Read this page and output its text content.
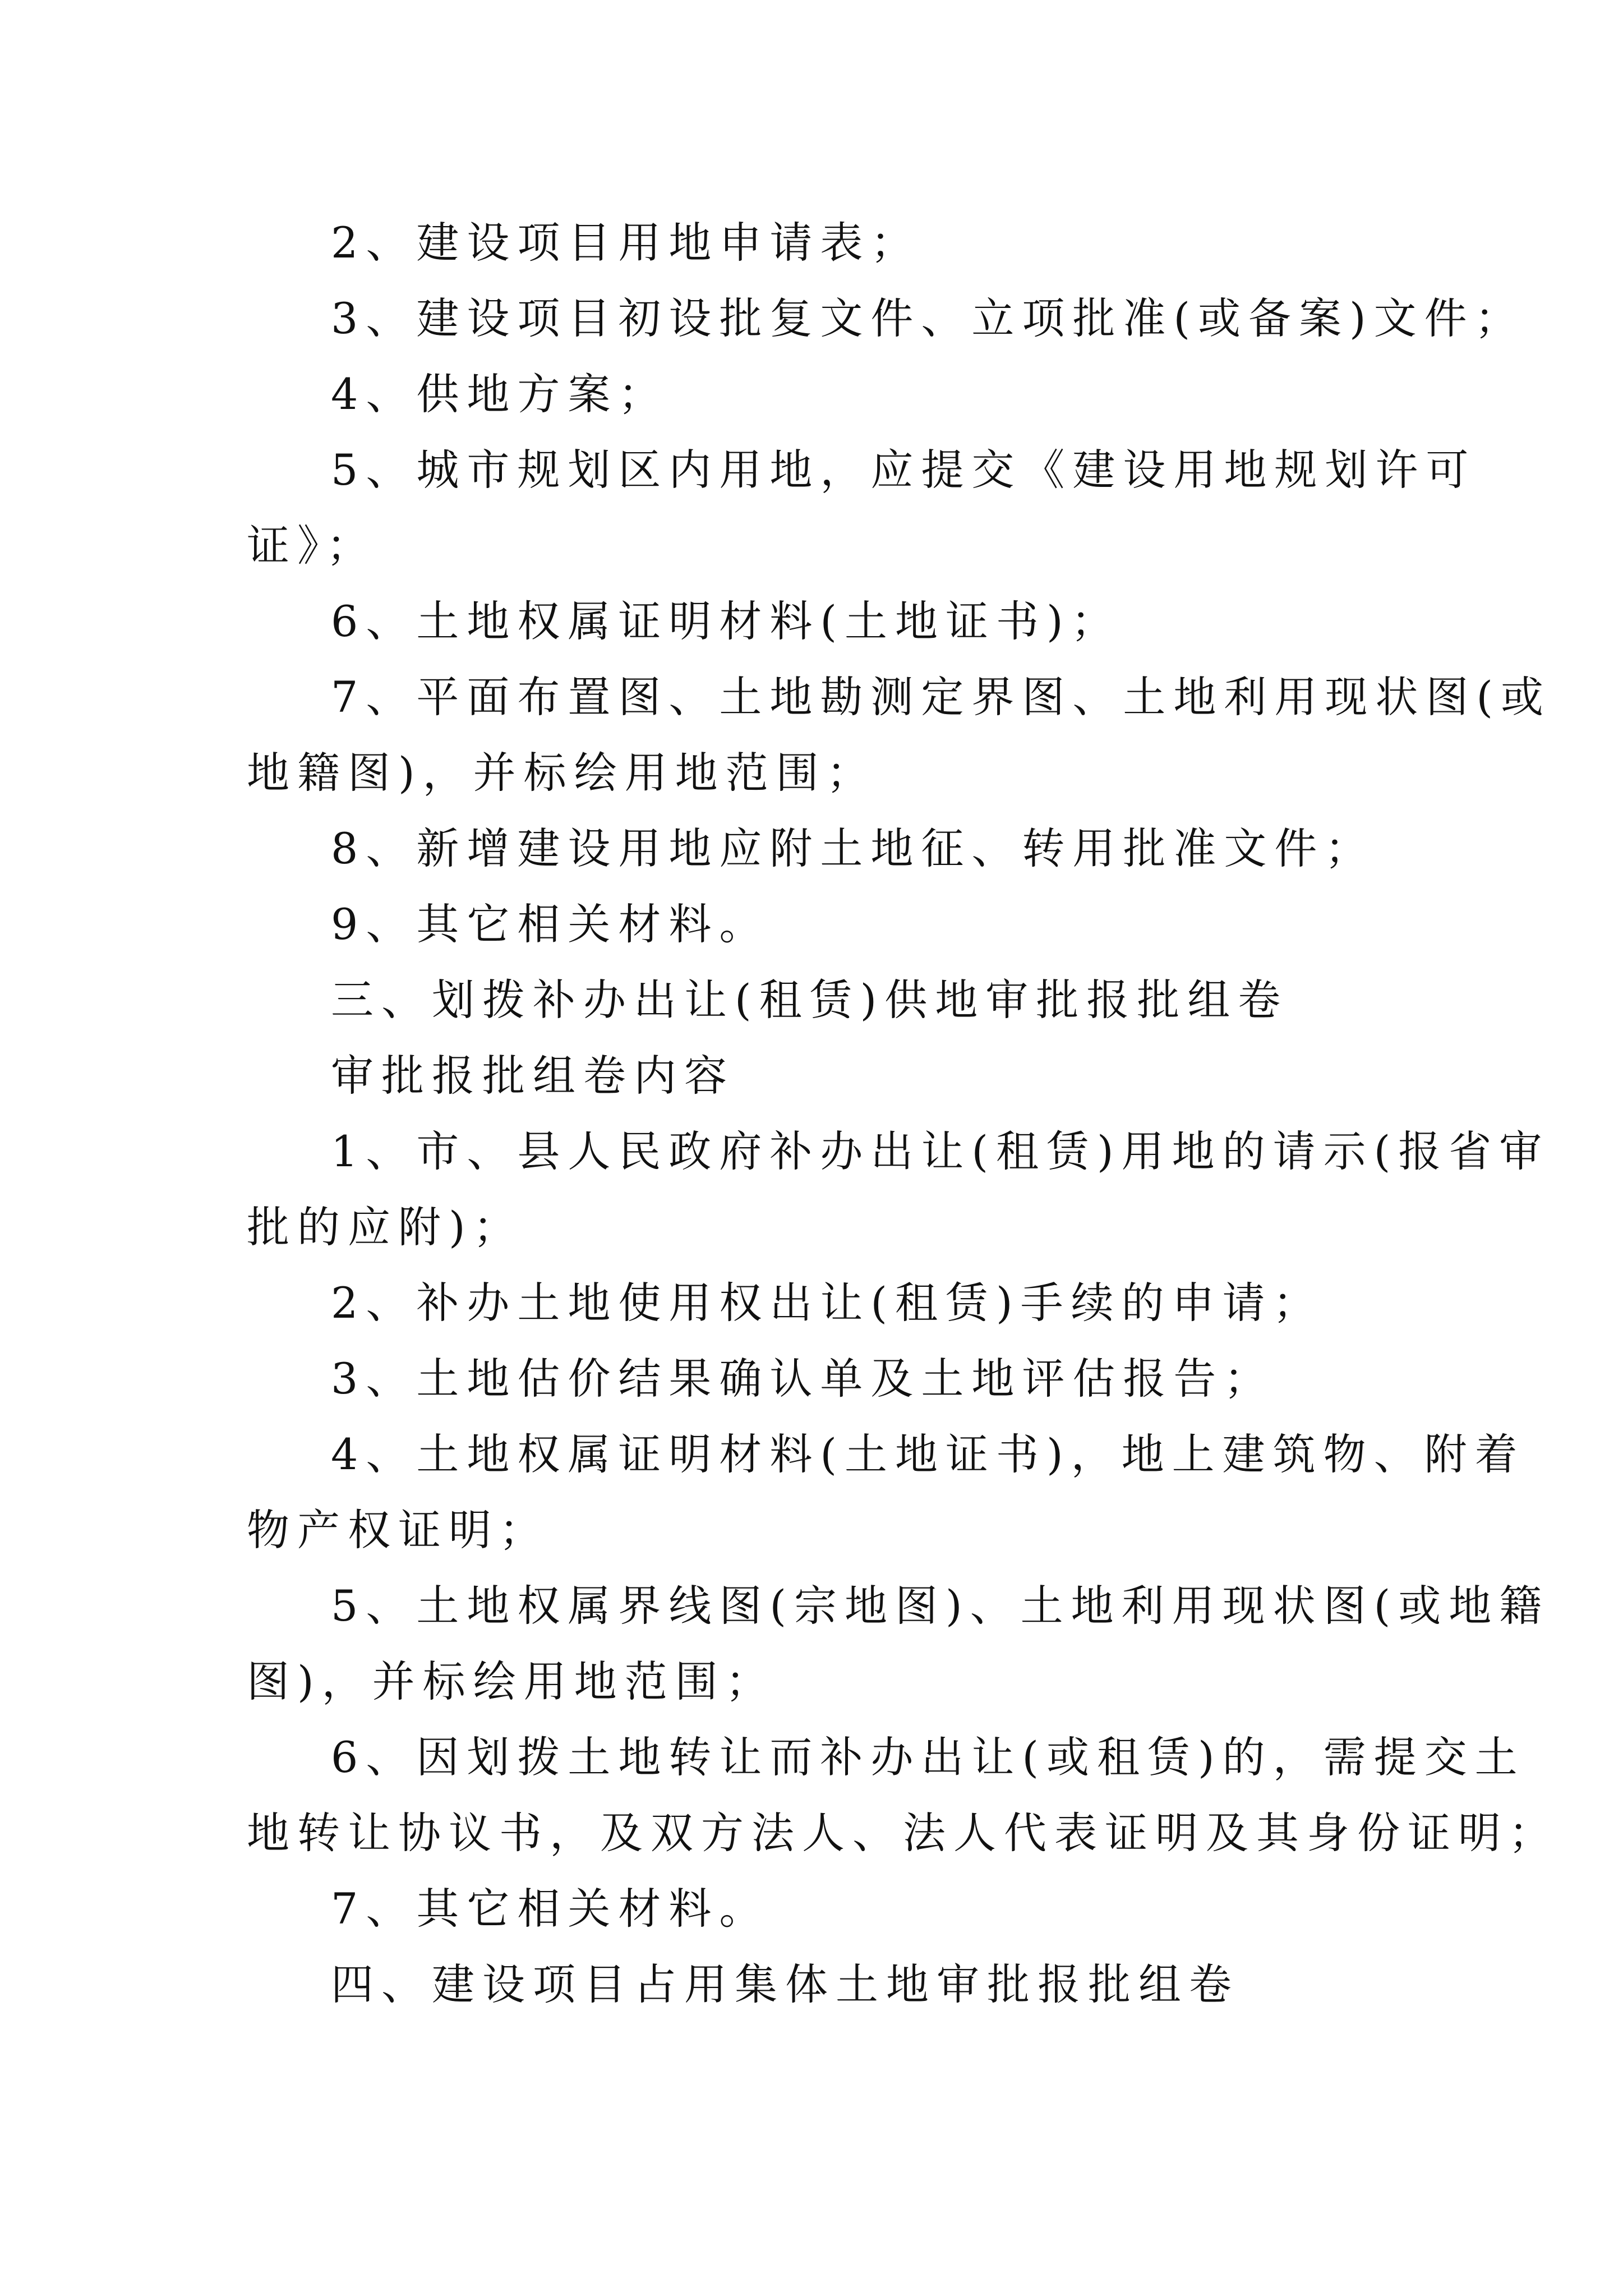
2、建设项目用地申请表；
3、建设项目初设批复文件、立项批准(或备案)文件；
4、供地方案；
5、城市规划区内用地，应提交《建设用地规划许可
证》；
6、土地权属证明材料(土地证书)；
7、平面布置图、土地勘测定界图、土地利用现状图(或
地籍图)，并标绘用地范围；
8、新增建设用地应附土地征、转用批准文件；
9、其它相关材料。
三、划拨补办出让(租赁)供地审批报批组卷
审批报批组卷内容
1、市、县人民政府补办出让(租赁)用地的请示(报省审
批的应附)；
2、补办土地使用权出让(租赁)手续的申请；
3、土地估价结果确认单及土地评估报告；
4、土地权属证明材料(土地证书)，地上建筑物、附着
物产权证明；
5、土地权属界线图(宗地图)、土地利用现状图(或地籍
图)，并标绘用地范围；
6、因划拨土地转让而补办出让(或租赁)的，需提交土
地转让协议书，及双方法人、法人代表证明及其身份证明；
7、其它相关材料。
四、建设项目占用集体土地审批报批组卷
